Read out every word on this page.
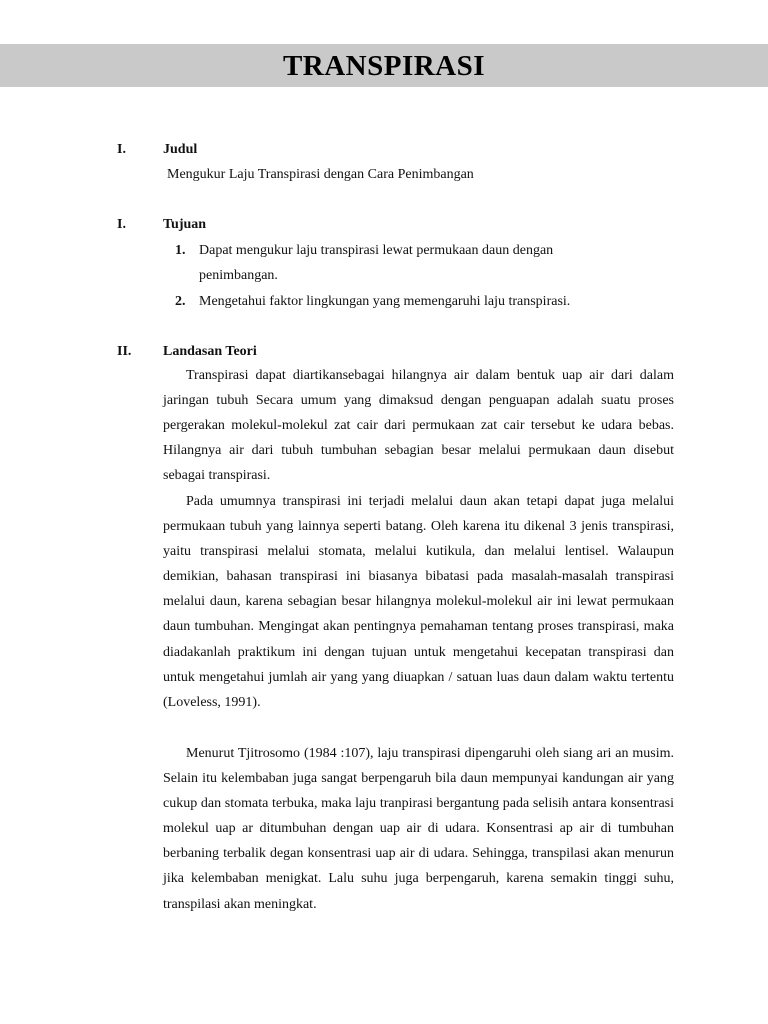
TRANSPIRASI
I.	Judul
Mengukur Laju Transpirasi dengan Cara Penimbangan
I.	Tujuan
1. Dapat mengukur laju transpirasi lewat permukaan daun dengan
penimbangan.
2. Mengetahui faktor lingkungan yang memengaruhi laju transpirasi.
II. Landasan Teori

Transpirasi dapat diartikansebagai hilangnya air dalam bentuk uap air dari dalam jaringan tubuh Secara umum yang dimaksud dengan penguapan adalah suatu proses pergerakan molekul-molekul zat cair dari permukaan zat cair tersebut ke udara bebas. Hilangnya air dari tubuh tumbuhan sebagian besar melalui permukaan daun disebut sebagai transpirasi.

Pada umumnya transpirasi ini terjadi melalui daun akan tetapi dapat juga melalui permukaan tubuh yang lainnya seperti batang. Oleh karena itu dikenal 3 jenis transpirasi, yaitu transpirasi melalui stomata, melalui kutikula, dan melalui lentisel. Walaupun demikian, bahasan transpirasi ini biasanya bibatasi pada masalah-masalah transpirasi melalui daun, karena sebagian besar hilangnya molekul-molekul air ini lewat permukaan daun tumbuhan. Mengingat akan pentingnya pemahaman tentang proses transpirasi, maka diadakanlah praktikum ini dengan tujuan untuk mengetahui kecepatan transpirasi dan untuk mengetahui jumlah air yang yang diuapkan / satuan luas daun dalam waktu tertentu (Loveless, 1991).

Menurut Tjitrosomo (1984 :107), laju transpirasi dipengaruhi oleh siang ari an musim. Selain itu kelembaban juga sangat berpengaruh bila daun mempunyai kandungan air yang cukup dan stomata terbuka, maka laju tranpirasi bergantung pada selisih antara konsentrasi molekul uap ar ditumbuhan dengan uap air di udara. Konsentrasi ap air di tumbuhan berbaning terbalik degan konsentrasi uap air di udara. Sehingga, transpilasi akan menurun jika kelembaban menigkat. Lalu suhu juga berpengaruh, karena semakin tinggi suhu, transpilasi akan meningkat.
